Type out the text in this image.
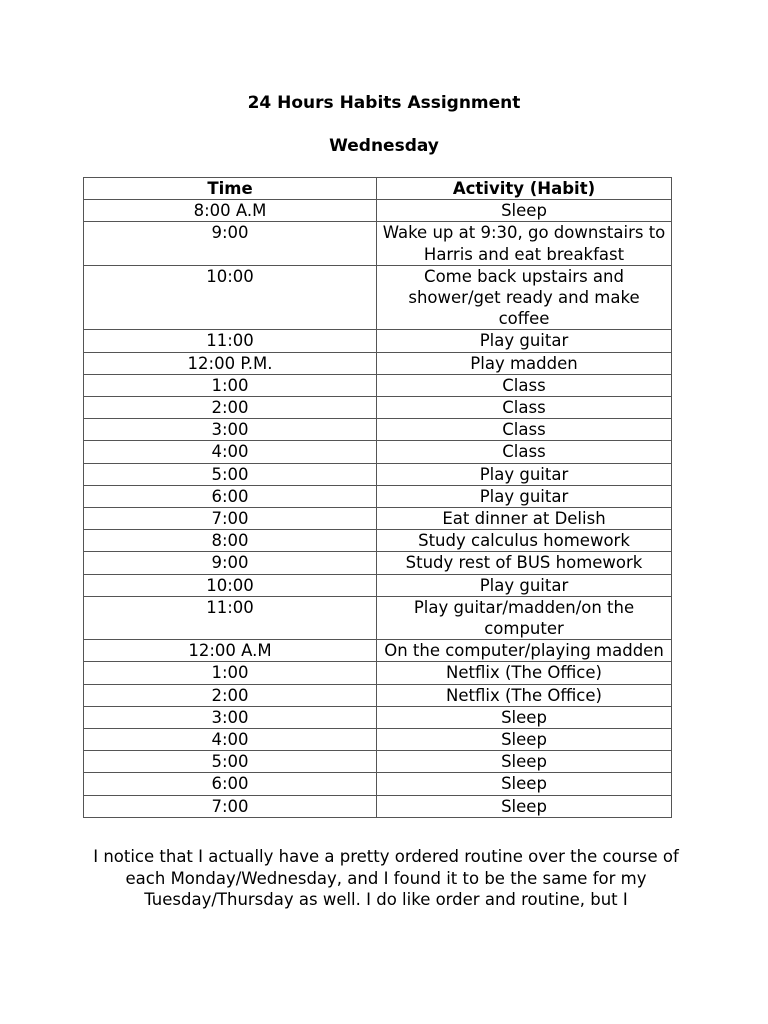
24 Hours Habits Assignment
Wednesday
Time	Activity (Habit)
8:00 A.M	Sleep
9:00	Wake up at 9:30, go downstairs to Harris and eat breakfast
10:00	Come back upstairs and shower/get ready and make coffee
11:00	Play guitar
12:00 P.M.	Play madden
1:00	Class
2:00	Class
3:00	Class
4:00	Class
5:00	Play guitar
6:00	Play guitar
7:00	Eat dinner at Delish
8:00	Study calculus homework
9:00	Study rest of BUS homework
10:00	Play guitar
11:00	Play guitar/madden/on the computer
12:00 A.M	On the computer/playing madden
1:00	Netflix (The Office)
2:00	Netflix (The Office)
3:00	Sleep
4:00	Sleep
5:00	Sleep
6:00	Sleep
7:00	Sleep
I notice that I actually have a pretty ordered routine over the course of each Monday/Wednesday, and I found it to be the same for my Tuesday/Thursday as well. I do like order and routine, but I
